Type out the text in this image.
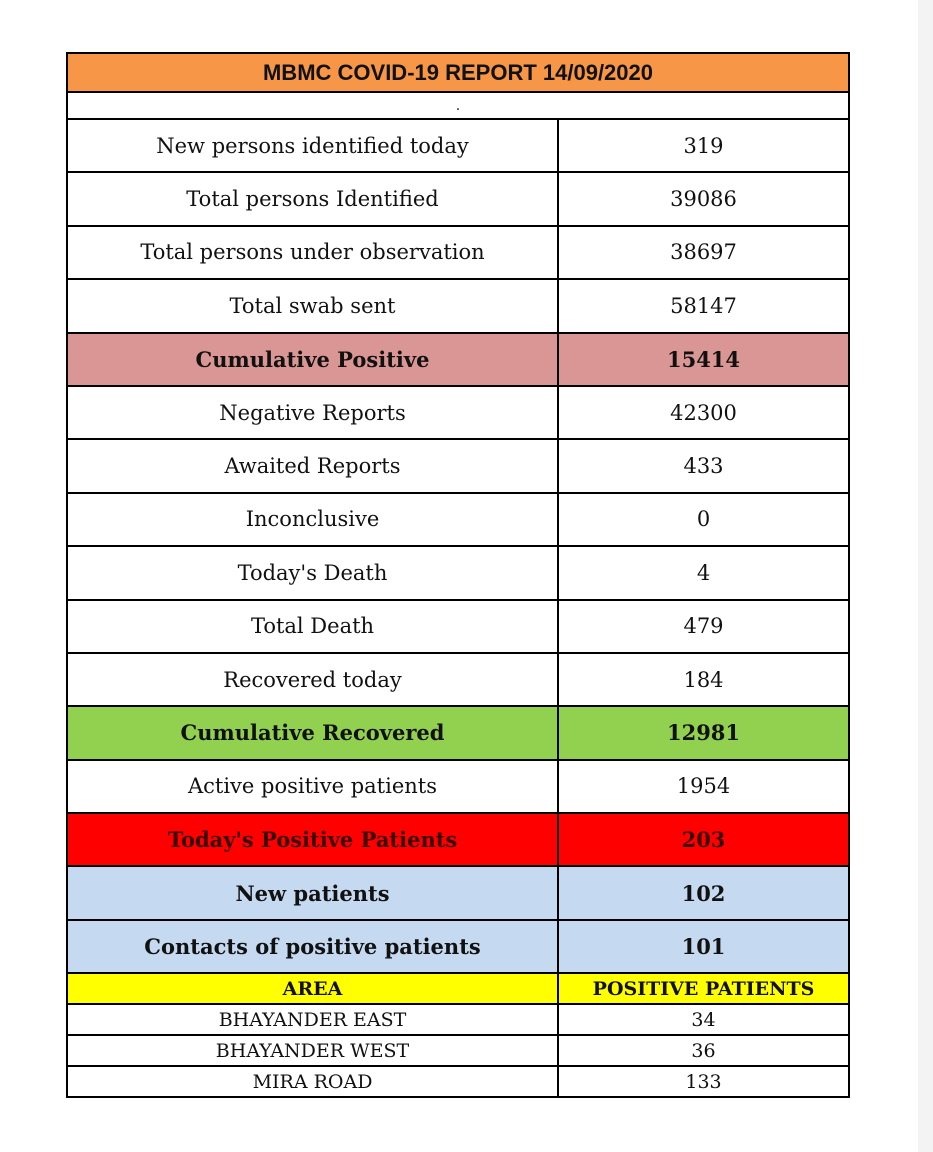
MBMC COVID-19 REPORT 14/09/2020
.
New persons identified today	319
Total persons Identified	39086
Total persons under observation	38697
Total swab sent	58147
Cumulative Positive	15414
Negative Reports	42300
Awaited Reports	433
Inconclusive	0
Today's Death	4
Total Death	479
Recovered today	184
Cumulative Recovered	12981
Active positive patients	1954
Today's Positive Patients	203
New patients	102
Contacts of positive patients	101
AREA	POSITIVE PATIENTS
BHAYANDER EAST	34
BHAYANDER WEST	36
MIRA ROAD	133
